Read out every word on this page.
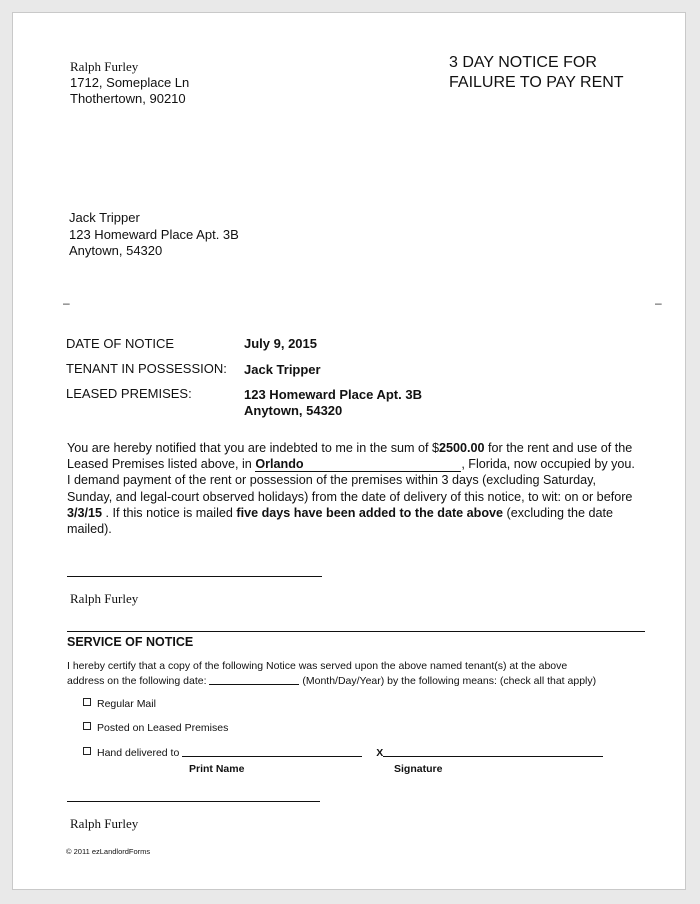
Ralph Furley
1712, Someplace Ln
Thothertown, 90210
3 DAY NOTICE FOR
FAILURE TO PAY RENT
Jack Tripper
123 Homeward Place Apt. 3B
Anytown, 54320
–	–
DATE OF NOTICE	July 9, 2015
TENANT IN POSSESSION: Jack Tripper
LEASED PREMISES:	123 Homeward Place Apt. 3B
Anytown, 54320
You are hereby notified that you are indebted to me in the sum of $2500.00 for the rent and use of the Leased Premises listed above, in Orlando	, Florida, now occupied by you. I demand payment of the rent or possession of the premises within 3 days (excluding Saturday, Sunday, and legal-court observed holidays) from the date of delivery of this notice, to wit: on or before 3/3/15 . If this notice is mailed five days have been added to the date above (excluding the date mailed).
Ralph Furley
SERVICE OF NOTICE
I hereby certify that a copy of the following Notice was served upon the above named tenant(s) at the above
address on the following date:	(Month/Day/Year) by the following means: (check all that apply)
Regular Mail
Posted on Leased Premises
Hand delivered to	X
Print Name	Signature
Ralph Furley
© 2011 ezLandlordForms
